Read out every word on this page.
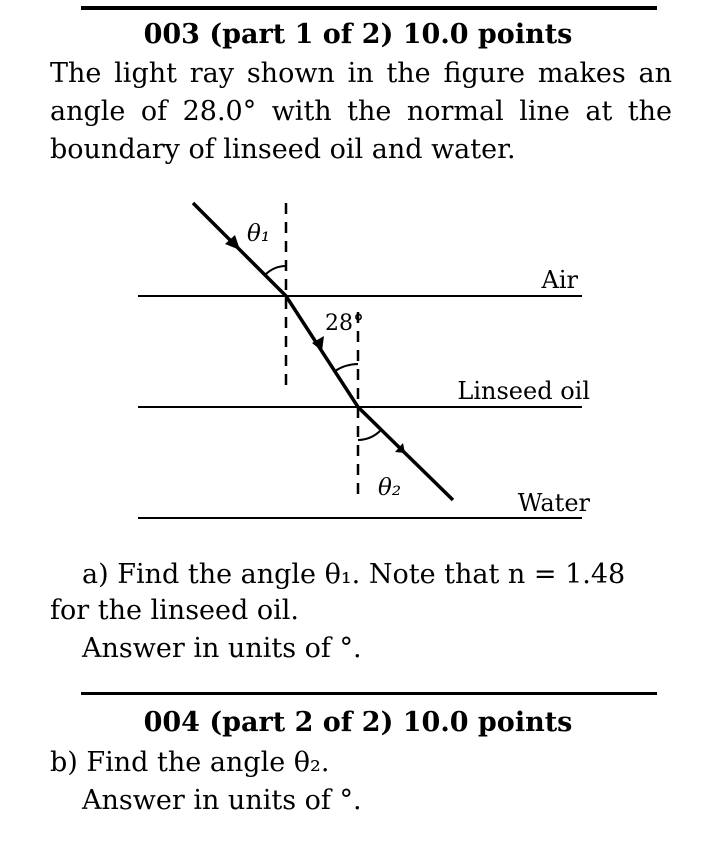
003 (part 1 of 2) 10.0 points
The light ray shown in the figure makes an
angle of 28.0° with the normal line at the
boundary of linseed oil and water.
θ₁
28°
θ₂
Air
Linseed oil
Water
a) Find the angle θ₁. Note that n = 1.48
for the linseed oil.
Answer in units of °.
004 (part 2 of 2) 10.0 points
b) Find the angle θ₂.
Answer in units of °.
